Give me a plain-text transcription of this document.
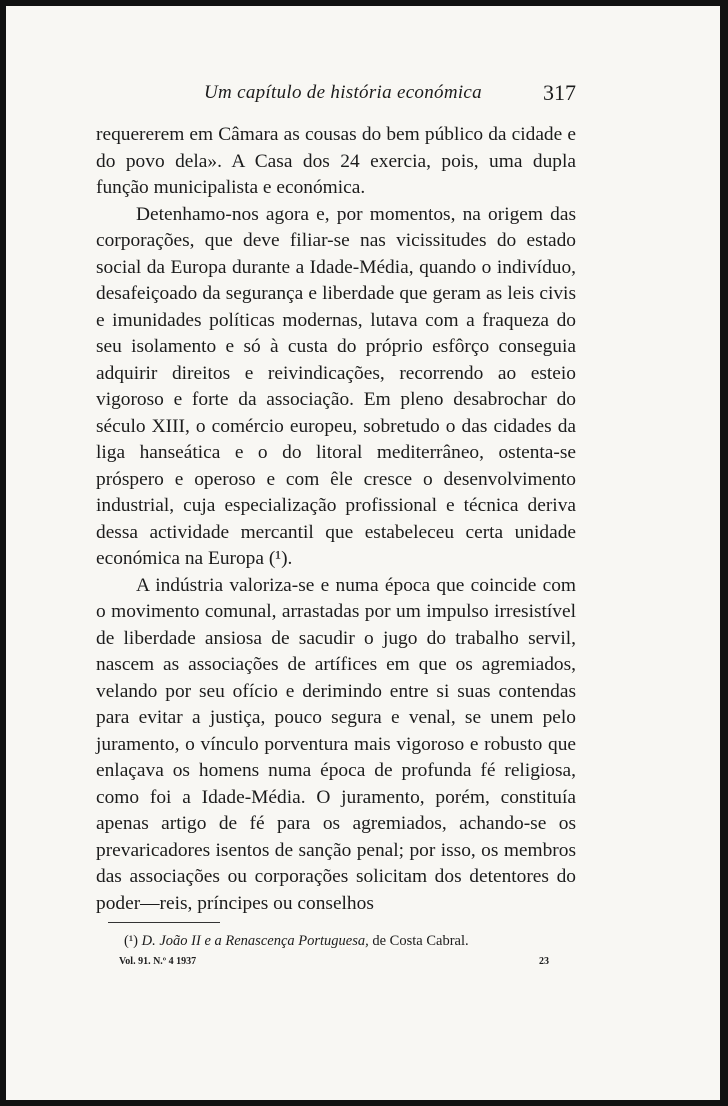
Um capítulo de história económica	317

requererem em Câmara as cousas do bem público da cidade e do povo dela». A Casa dos 24 exercia, pois, uma dupla função municipalista e económica.

Detenhamo-nos agora e, por momentos, na origem das corporações, que deve filiar-se nas vicissitudes do estado social da Europa durante a Idade-Média, quando o indivíduo, desafeiçoado da segurança e liberdade que geram as leis civis e imunidades políticas modernas, lutava com a fraqueza do seu isolamento e só à custa do próprio esfôrço conseguia adquirir direitos e reivindicações, recorrendo ao esteio vigoroso e forte da associação. Em pleno desabrochar do século XIII, o comércio europeu, sobretudo o das cidades da liga hanseática e o do litoral mediterrâneo, ostenta-se próspero e operoso e com êle cresce o desenvolvimento industrial, cuja especialização profissional e técnica deriva dessa actividade mercantil que estabeleceu certa unidade económica na Europa (¹).

A indústria valoriza-se e numa época que coincide com o movimento comunal, arrastadas por um impulso irresistível de liberdade ansiosa de sacudir o jugo do trabalho servil, nascem as associações de artífices em que os agremiados, velando por seu ofício e derimindo entre si suas contendas para evitar a justiça, pouco segura e venal, se unem pelo juramento, o vínculo porventura mais vigoroso e robusto que enlaçava os homens numa época de profunda fé religiosa, como foi a Idade-Média. O juramento, porém, constituía apenas artigo de fé para os agremiados, achando-se os prevaricadores isentos de sanção penal; por isso, os membros das associações ou corporações solicitam dos detentores do poder—reis, príncipes ou conselhos

(¹) D. João II e a Renascença Portuguesa, de Costa Cabral.
Vol. 91. N.º 4 1937	23
